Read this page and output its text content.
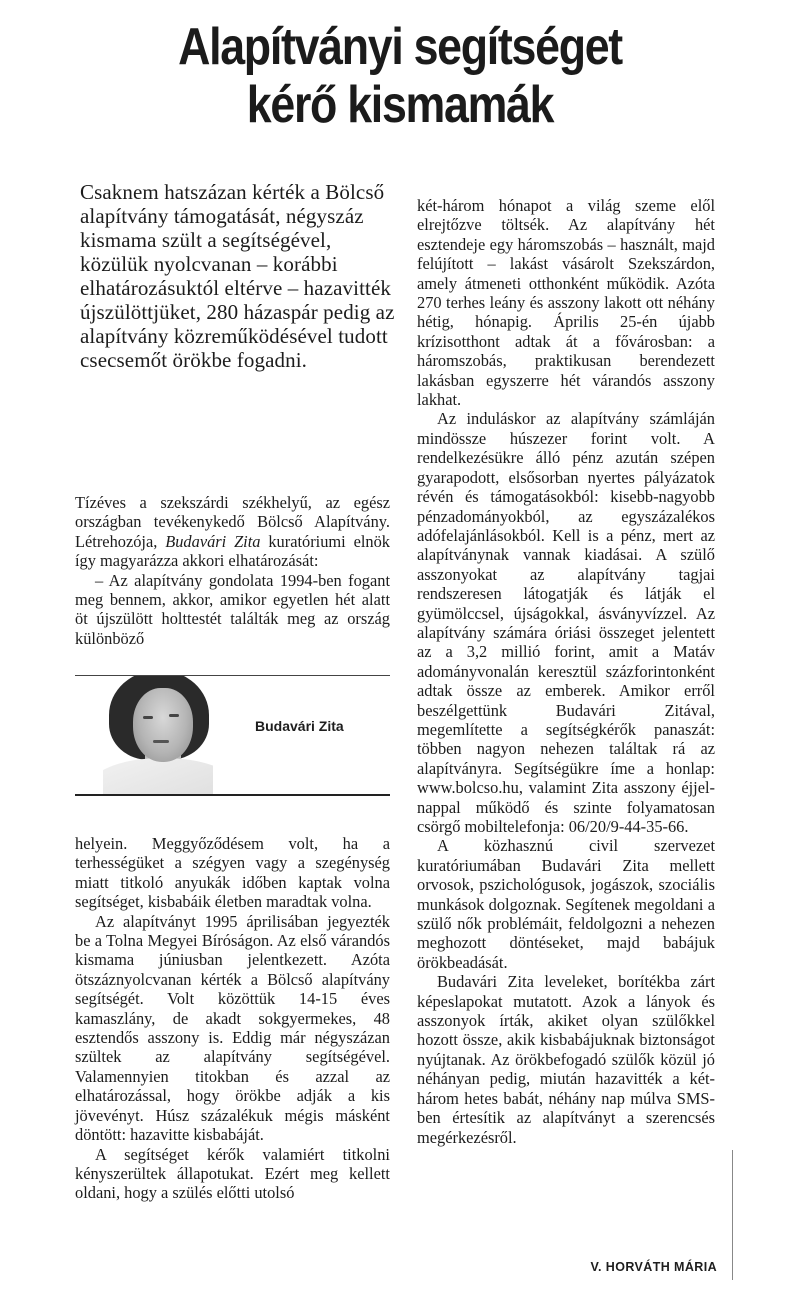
Alapítványi segítséget
kérő kismamák

Csaknem hatszázan kérték a Bölcső alapítvány támogatását, négyszáz kismama szült a segítségével, közülük nyolcvanan – korábbi elhatározásuktól eltérve – hazavitték újszülöttjüket, 280 házaspár pedig az alapítvány közreműködésével tudott csecsemőt örökbe fogadni.

Tízéves a szekszárdi székhelyű, az egész országban tevékenykedő Bölcső Alapítvány. Létrehozója, Budavári Zita kuratóriumi elnök így magyarázza akkori elhatározását:

– Az alapítvány gondolata 1994-ben fogant meg bennem, akkor, amikor egyetlen hét alatt öt újszülött holttestét találták meg az ország különböző

Budavári Zita

helyein. Meggyőződésem volt, ha a terhességüket a szégyen vagy a szegénység miatt titkoló anyukák időben kaptak volna segítséget, kisbabáik életben maradtak volna.

Az alapítványt 1995 áprilisában jegyezték be a Tolna Megyei Bíróságon. Az első várandós kismama júniusban jelentkezett. Azóta ötszáznyolcvanan kérték a Bölcső alapítvány segítségét. Volt közöttük 14-15 éves kamaszlány, de akadt sokgyermekes, 48 esztendős asszony is. Eddig már négyszázan szültek az alapítvány segítségével. Valamennyien titokban és azzal az elhatározással, hogy örökbe adják a kis jövevényt. Húsz százalékuk mégis másként döntött: hazavitte kisbabáját.

A segítséget kérők valamiért titkolni kényszerültek állapotukat. Ezért meg kellett oldani, hogy a szülés előtti utolsó

két-három hónapot a világ szeme elől elrejtőzve töltsék. Az alapítvány hét esztendeje egy háromszobás – használt, majd felújított – lakást vásárolt Szekszárdon, amely átmeneti otthonként működik. Azóta 270 terhes leány és asszony lakott ott néhány hétig, hónapig. Április 25-én újabb krízisotthont adtak át a fővárosban: a háromszobás, praktikusan berendezett lakásban egyszerre hét várandós asszony lakhat.

Az induláskor az alapítvány számláján mindössze húszezer forint volt. A rendelkezésükre álló pénz azután szépen gyarapodott, elsősorban nyertes pályázatok révén és támogatásokból: kisebb-nagyobb pénzadományokból, az egyszázalékos adófelajánlásokból. Kell is a pénz, mert az alapítványnak vannak kiadásai. A szülő asszonyokat az alapítvány tagjai rendszeresen látogatják és látják el gyümölccsel, újságokkal, ásványvízzel. Az alapítvány számára óriási összeget jelentett az a 3,2 millió forint, amit a Matáv adományvonalán keresztül százforintonként adtak össze az emberek. Amikor erről beszélgettünk Budavári Zitával, megemlítette a segítségkérők panaszát: többen nagyon nehezen találtak rá az alapítványra. Segítségükre íme a honlap: www.bolcso.hu, valamint Zita asszony éjjel-nappal működő és szinte folyamatosan csörgő mobiltelefonja: 06/20/9-44-35-66.

A közhasznú civil szervezet kuratóriumában Budavári Zita mellett orvosok, pszichológusok, jogászok, szociális munkások dolgoznak. Segítenek megoldani a szülő nők problémáit, feldolgozni a nehezen meghozott döntéseket, majd babájuk örökbeadását.

Budavári Zita leveleket, borítékba zárt képeslapokat mutatott. Azok a lányok és asszonyok írták, akiket olyan szülőkkel hozott össze, akik kisbabájuknak biztonságot nyújtanak. Az örökbefogadó szülők közül jó néhányan pedig, miután hazavitték a két-három hetes babát, néhány nap múlva SMS-ben értesítik az alapítványt a szerencsés megérkezésről.

V. HORVÁTH MÁRIA
